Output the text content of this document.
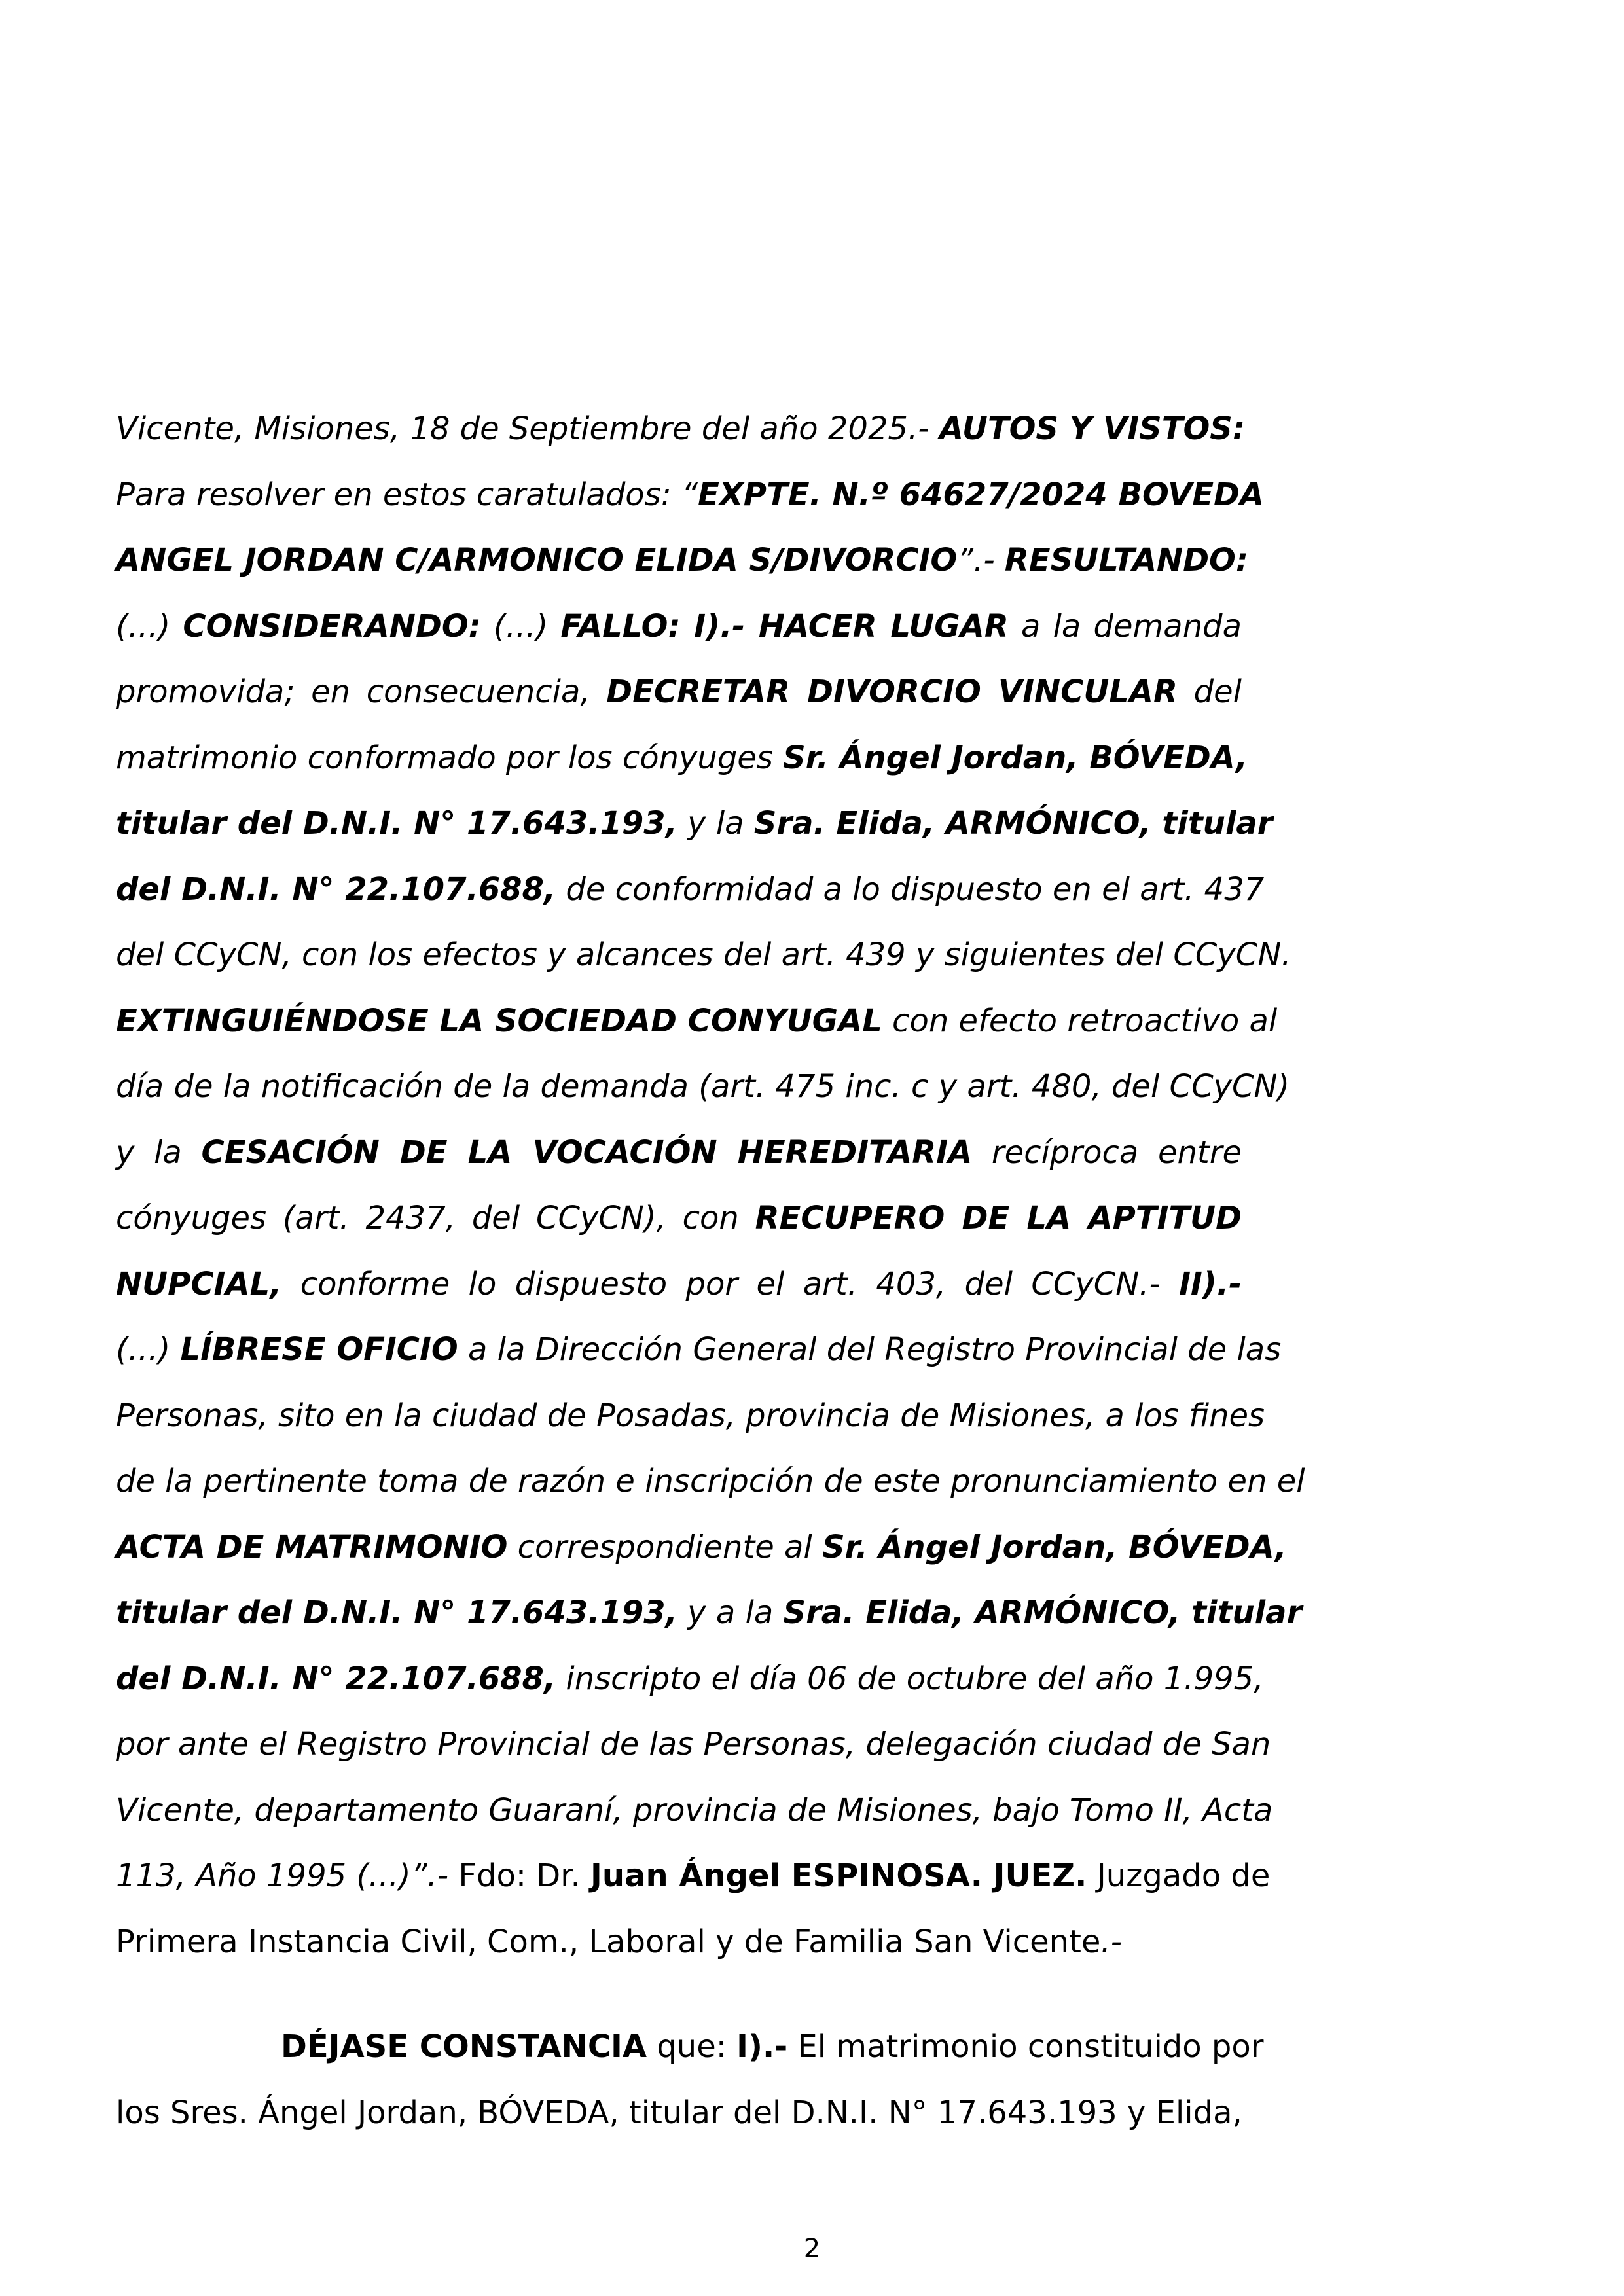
Vicente, Misiones, 18 de Septiembre del año 2025.- AUTOS Y VISTOS:
Para resolver en estos caratulados: “EXPTE. N.º 64627/2024 BOVEDA
ANGEL JORDAN C/ARMONICO ELIDA S/DIVORCIO”.- RESULTANDO:
(...) CONSIDERANDO: (...) FALLO: I).- HACER LUGAR a la demanda
promovida; en consecuencia, DECRETAR DIVORCIO VINCULAR del
matrimonio conformado por los cónyuges Sr. Ángel Jordan, BÓVEDA,
titular del D.N.I. N° 17.643.193, y la Sra. Elida, ARMÓNICO, titular
del D.N.I. N° 22.107.688, de conformidad a lo dispuesto en el art. 437
del CCyCN, con los efectos y alcances del art. 439 y siguientes del CCyCN.
EXTINGUIÉNDOSE LA SOCIEDAD CONYUGAL con efecto retroactivo al
día de la notificación de la demanda (art. 475 inc. c y art. 480, del CCyCN)
y la CESACIÓN DE LA VOCACIÓN HEREDITARIA recíproca entre
cónyuges (art. 2437, del CCyCN), con RECUPERO DE LA APTITUD
NUPCIAL, conforme lo dispuesto por el art. 403, del CCyCN.- II).-
(...) LÍBRESE OFICIO a la Dirección General del Registro Provincial de las
Personas, sito en la ciudad de Posadas, provincia de Misiones, a los fines
de la pertinente toma de razón e inscripción de este pronunciamiento en el
ACTA DE MATRIMONIO correspondiente al Sr. Ángel Jordan, BÓVEDA,
titular del D.N.I. N° 17.643.193, y a la Sra. Elida, ARMÓNICO, titular
del D.N.I. N° 22.107.688, inscripto el día 06 de octubre del año 1.995,
por ante el Registro Provincial de las Personas, delegación ciudad de San
Vicente, departamento Guaraní, provincia de Misiones, bajo Tomo II, Acta
113, Año 1995 (...)”.- Fdo: Dr. Juan Ángel ESPINOSA. JUEZ. Juzgado de
Primera Instancia Civil, Com., Laboral y de Familia San Vicente.-
DÉJASE CONSTANCIA que: I).- El matrimonio constituido por
los Sres. Ángel Jordan, BÓVEDA, titular del D.N.I. N° 17.643.193 y Elida,
2
